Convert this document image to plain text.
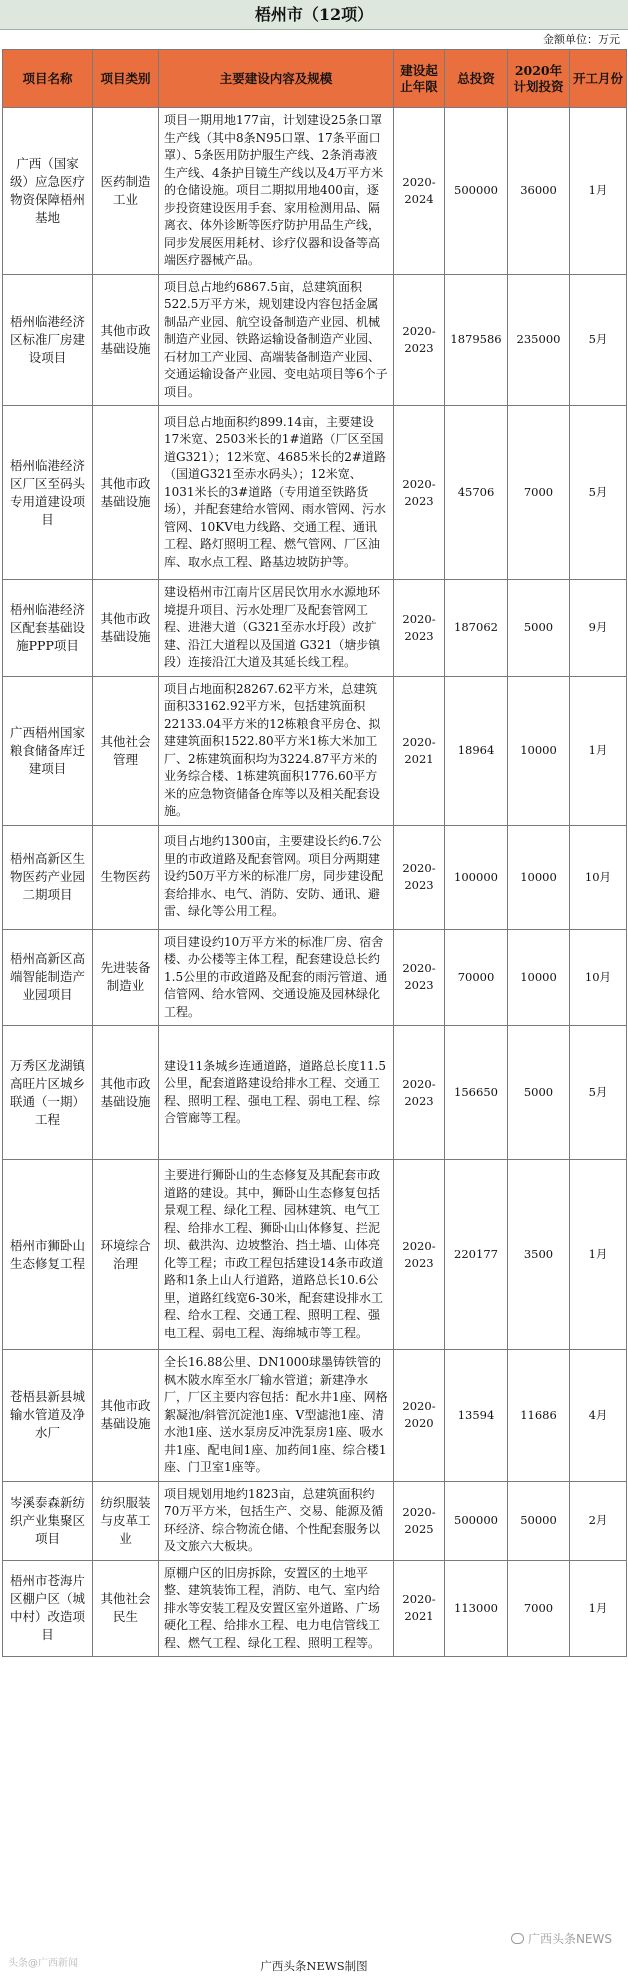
梧州市（12项）
金额单位：万元
项目名称	项目类别	主要建设内容及规模	建设起止年限	总投资	2020年计划投资	开工月份
广西（国家级）应急医疗物资保障梧州基地	医药制造工业	项目一期用地177亩，计划建设25条口罩生产线（其中8条N95口罩、17条平面口罩）、5条医用防护服生产线、2条消毒液生产线、4条护目镜生产线以及4万平方米的仓储设施。项目二期拟用地400亩，逐步投资建设医用手套、家用检测用品、隔离衣、体外诊断等医疗防护用品生产线，同步发展医用耗材、诊疗仪器和设备等高端医疗器械产品。	2020-2024	500000	36000	1月
梧州临港经济区标准厂房建设项目	其他市政基础设施	项目总占地约6867.5亩，总建筑面积522.5万平方米，规划建设内容包括金属制品产业园、航空设备制造产业园、机械制造产业园、铁路运输设备制造产业园、石材加工产业园、高端装备制造产业园、交通运输设备产业园、变电站项目等6个子项目。	2020-2023	1879586	235000	5月
梧州临港经济区厂区至码头专用道建设项目	其他市政基础设施	项目总占地面积约899.14亩，主要建设17米宽、2503米长的1#道路（厂区至国道G321）；12米宽、4685米长的2#道路（国道G321至赤水码头）；12米宽、1031米长的3#道路（专用道至铁路货场），并配套建给水管网、雨水管网、污水管网、10KV电力线路、交通工程、通讯工程、路灯照明工程、燃气管网、厂区油库、取水点工程、路基边坡防护等。	2020-2023	45706	7000	5月
梧州临港经济区配套基础设施PPP项目	其他市政基础设施	建设梧州市江南片区居民饮用水水源地环境提升项目、污水处理厂及配套管网工程、进港大道（G321至赤水圩段）改扩建、沿江大道程以及国道 G321（塘步镇段）连接沿江大道及其延长线工程。	2020-2023	187062	5000	9月
广西梧州国家粮食储备库迁建项目	其他社会管理	项目占地面积28267.62平方米，总建筑面积33162.92平方米，包括建筑面积22133.04平方米的12栋粮食平房仓、拟建建筑面积1522.80平方米1栋大米加工厂、2栋建筑面积均为3224.87平方米的业务综合楼、1栋建筑面积1776.60平方米的应急物资储备仓库等以及相关配套设施。	2020-2021	18964	10000	1月
梧州高新区生物医药产业园二期项目	生物医药	项目占地约1300亩，主要建设长约6.7公里的市政道路及配套管网。项目分两期建设约50万平方米的标准厂房，同步建设配套给排水、电气、消防、安防、通讯、避雷、绿化等公用工程。	2020-2023	100000	10000	10月
梧州高新区高端智能制造产业园项目	先进装备制造业	项目建设约10万平方米的标准厂房、宿舍楼、办公楼等主体工程，配套建设总长约1.5公里的市政道路及配套的雨污管道、通信管网、给水管网、交通设施及园林绿化工程。	2020-2023	70000	10000	10月
万秀区龙湖镇高旺片区城乡联通（一期）工程	其他市政基础设施	建设11条城乡连通道路，道路总长度11.5公里，配套道路建设给排水工程、交通工程、照明工程、强电工程、弱电工程、综合管廊等工程。	2020-2023	156650	5000	5月
梧州市狮卧山生态修复工程	环境综合治理	主要进行狮卧山的生态修复及其配套市政道路的建设。其中，狮卧山生态修复包括景观工程、绿化工程、园林建筑、电气工程、给排水工程、狮卧山山体修复、拦泥坝、截洪沟、边坡整治、挡土墙、山体亮化等工程；市政工程包括建设14条市政道路和1条上山人行道路，道路总长10.6公里，道路红线宽6-30米，配套建设排水工程、给水工程、交通工程、照明工程、强电工程、弱电工程、海绵城市等工程。	2020-2023	220177	3500	1月
苍梧县新县城输水管道及净水厂	其他市政基础设施	全长16.88公里、DN1000球墨铸铁管的枫木陂水库至水厂输水管道；新建净水厂，厂区主要内容包括：配水井1座、网格絮凝池/斜管沉淀池1座、V型滤池1座、清水池1座、送水泵房反冲洗泵房1座、吸水井1座、配电间1座、加药间1座、综合楼1座、门卫室1座等。	2020-2020	13594	11686	4月
岑溪泰森新纺织产业集聚区项目	纺织服装与皮革工业	项目规划用地约1823亩，总建筑面积约70万平方米，包括生产、交易、能源及循环经济、综合物流仓储、个性配套服务以及文旅六大板块。	2020-2025	500000	50000	2月
梧州市苍海片区棚户区（城中村）改造项目	其他社会民生	原棚户区的旧房拆除，安置区的土地平整、建筑装饰工程，消防、电气、室内给排水等安装工程及安置区室外道路、广场硬化工程、给排水工程、电力电信管线工程、燃气工程、绿化工程、照明工程等。	2020-2021	113000	7000	1月
广西头条NEWS
头条@广西新闻	广西头条NEWS制图
